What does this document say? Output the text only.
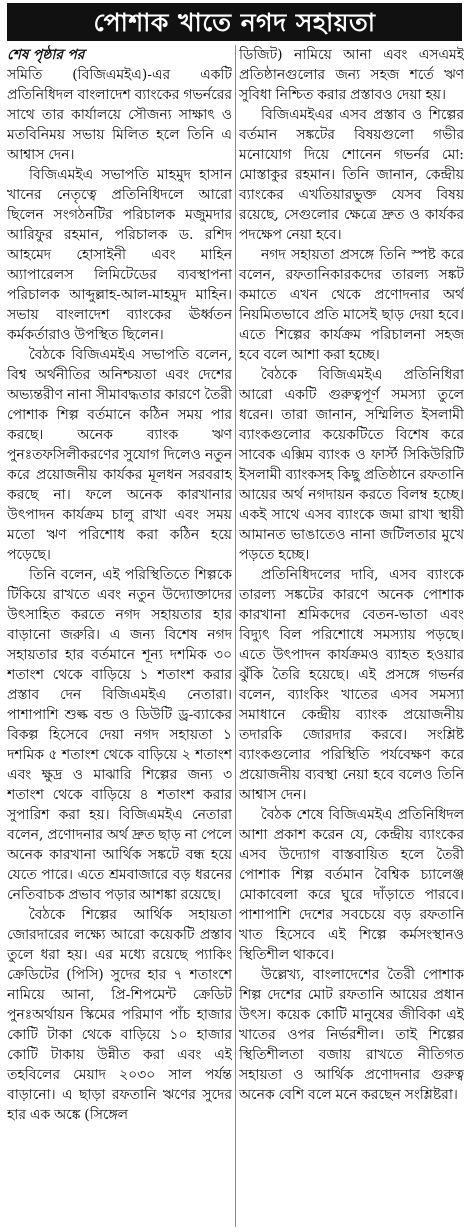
পোশাক খাতে নগদ সহায়তা

শেষ পৃষ্ঠার পর

সমিতি (বিজিএমইএ)-এর একটি প্রতিনিধিদল বাংলাদেশ ব্যাংকের গভর্নরের সাথে তার কার্যালয়ে সৌজন্য সাক্ষাৎ ও মতবিনিময় সভায় মিলিত হলে তিনি এ আশ্বাস দেন।

বিজিএমইএ সভাপতি মাহমুদ হাসান খানের নেতৃত্বে প্রতিনিধিদলে আরো ছিলেন সংগঠনটির পরিচালক মজুমদার আরিফুর রহমান, পরিচালক ড. রশিদ আহমেদ হোসাইনী এবং মাহিন অ্যাপারেলস লিমিটেডের ব্যবস্থাপনা পরিচালক আব্দুল্লাহ-আল-মাহমুদ মাহিন। সভায় বাংলাদেশ ব্যাংকের ঊর্ধ্বতন কর্মকর্তারাও উপস্থিত ছিলেন।

বৈঠকে বিজিএমইএ সভাপতি বলেন, বিশ্ব অর্থনীতির অনিশ্চয়তা এবং দেশের অভ্যন্তরীণ নানা সীমাবদ্ধতার কারণে তৈরী পোশাক শিল্প বর্তমানে কঠিন সময় পার করছে। অনেক ব্যাংক ঋণ পুনঃতফসিলীকরণের সুযোগ দিলেও নতুন করে প্রয়োজনীয় কার্যকর মূলধন সরবরাহ করছে না। ফলে অনেক কারখানার উৎপাদন কার্যক্রম চালু রাখা এবং সময় মতো ঋণ পরিশোধ করা কঠিন হয়ে পড়েছে।

তিনি বলেন, এই পরিস্থিতিতে শিল্পকে টিকিয়ে রাখতে এবং নতুন উদ্যোক্তাদের উৎসাহিত করতে নগদ সহায়তার হার বাড়ানো জরুরি। এ জন্য বিশেষ নগদ সহায়তার হার বর্তমানে শূন্য দশমিক ৩০ শতাংশ থেকে বাড়িয়ে ১ শতাংশ করার প্রস্তাব দেন বিজিএমইএ নেতারা। পাশাপাশি শুল্ক বন্ড ও ডিউটি ড্র-ব্যাকের বিকল্প হিসেবে দেয়া নগদ সহায়তা ১ দশমিক ৫ শতাংশ থেকে বাড়িয়ে ২ শতাংশ এবং ক্ষুদ্র ও মাঝারি শিল্পের জন্য ৩ শতাংশ থেকে বাড়িয়ে ৪ শতাংশ করার সুপারিশ করা হয়। বিজিএমইএ নেতারা বলেন, প্রণোদনার অর্থ দ্রুত ছাড় না পেলে অনেক কারখানা আর্থিক সঙ্কটে বন্ধ হয়ে যেতে পারে। এতে শ্রমবাজারে বড় ধরনের নেতিবাচক প্রভাব পড়ার আশঙ্কা রয়েছে।

বৈঠকে শিল্পের আর্থিক সহায়তা জোরদারের লক্ষ্যে আরো কয়েকটি প্রস্তাব তুলে ধরা হয়। এর মধ্যে রয়েছে প্যাকিং ক্রেডিটের (পিসি) সুদের হার ৭ শতাংশে নামিয়ে আনা, প্রি-শিপমেন্ট ক্রেডিট পুনঃঅর্থায়ন স্কিমের পরিমাণ পাঁচ হাজার কোটি টাকা থেকে বাড়িয়ে ১০ হাজার কোটি টাকায় উন্নীত করা এবং এই তহবিলের মেয়াদ ২০৩০ সাল পর্যন্ত বাড়ানো। এ ছাড়া রফতানি ঋণের সুদের হার এক অঙ্কে (সিঙ্গেল

ডিজিট) নামিয়ে আনা এবং এসএমই প্রতিষ্ঠানগুলোর জন্য সহজ শর্তে ঋণ সুবিধা নিশ্চিত করার প্রস্তাবও দেয়া হয়।

বিজিএমইএর এসব প্রস্তাব ও শিল্পের বর্তমান সঙ্কটের বিষয়গুলো গভীর মনোযোগ দিয়ে শোনেন গভর্নর মো: মোস্তাকুর রহমান। তিনি জানান, কেন্দ্রীয় ব্যাংকের এখতিয়ারভুক্ত যেসব বিষয় রয়েছে, সেগুলোর ক্ষেত্রে দ্রুত ও কার্যকর পদক্ষেপ নেয়া হবে।

নগদ সহায়তা প্রসঙ্গে তিনি স্পষ্ট করে বলেন, রফতানিকারকদের তারল্য সঙ্কট কমাতে এখন থেকে প্রণোদনার অর্থ নিয়মিতভাবে প্রতি মাসেই ছাড় দেয়া হবে। এতে শিল্পের কার্যক্রম পরিচালনা সহজ হবে বলে আশা করা হচ্ছে।

বৈঠকে বিজিএমইএ প্রতিনিধিরা আরো একটি গুরুত্বপূর্ণ সমস্যা তুলে ধরেন। তারা জানান, সম্মিলিত ইসলামী ব্যাংকগুলোর কয়েকটিতে বিশেষ করে সাবেক এক্সিম ব্যাংক ও ফার্স্ট সিকিউরিটি ইসলামী ব্যাংকসহ কিছু প্রতিষ্ঠানে রফতানি আয়ের অর্থ নগদায়ন করতে বিলম্ব হচ্ছে। একই সাথে এসব ব্যাংকে জমা রাখা স্থায়ী আমানত ভাঙাতেও নানা জটিলতার মুখে পড়তে হচ্ছে।

প্রতিনিধিদলের দাবি, এসব ব্যাংকে তারল্য সঙ্কটের কারণে অনেক পোশাক কারখানা শ্রমিকদের বেতন-ভাতা এবং বিদ্যুৎ বিল পরিশোধে সমস্যায় পড়ছে। এতে উৎপাদন কার্যক্রমও ব্যাহত হওয়ার ঝুঁকি তৈরি হয়েছে। এই প্রসঙ্গে গভর্নর বলেন, ব্যাংকিং খাতের এসব সমস্যা সমাধানে কেন্দ্রীয় ব্যাংক প্রয়োজনীয় তদারকি জোরদার করবে। সংশ্লিষ্ট ব্যাংকগুলোর পরিস্থিতি পর্যবেক্ষণ করে প্রয়োজনীয় ব্যবস্থা নেয়া হবে বলেও তিনি আশ্বাস দেন।

বৈঠক শেষে বিজিএমইএ প্রতিনিধিদল আশা প্রকাশ করেন যে, কেন্দ্রীয় ব্যাংকের এসব উদ্যোগ বাস্তবায়িত হলে তৈরী পোশাক শিল্প বর্তমান বৈশ্বিক চ্যালেঞ্জ মোকাবেলা করে ঘুরে দাঁড়াতে পারবে। পাশাপাশি দেশের সবচেয়ে বড় রফতানি খাত হিসেবে এই শিল্পে কর্মসংস্থানও স্থিতিশীল থাকবে।

উল্লেখ্য, বাংলাদেশের তৈরী পোশাক শিল্প দেশের মোট রফতানি আয়ের প্রধান উৎস। কয়েক কোটি মানুষের জীবিকা এই খাতের ওপর নির্ভরশীল। তাই শিল্পের স্থিতিশীলতা বজায় রাখতে নীতিগত সহায়তা ও আর্থিক প্রণোদনার গুরুত্ব অনেক বেশি বলে মনে করছেন সংশ্লিষ্টরা।
